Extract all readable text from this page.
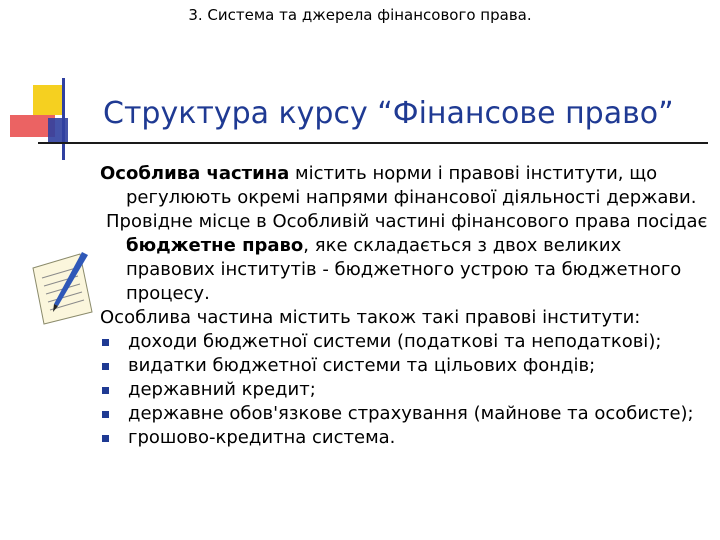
3. Система та джерела фінансового права.
Структура курсу “Фінансове право”

Особлива частина містить норми і правові інститути, що регулюють окремі напрями фінансової діяльності держави.

Провідне місце в Особливій частині фінансового права посідає бюджетне право, яке складається з двох великих правових інститутів - бюджетного устрою та бюджетного процесу.

Особлива частина містить також такі правові інститути:

доходи бюджетної системи (податкові та неподаткові);
видатки бюджетної системи та цільових фондів;
державний кредит;
державне обов'язкове страхування (майнове та особисте);
грошово-кредитна система.
